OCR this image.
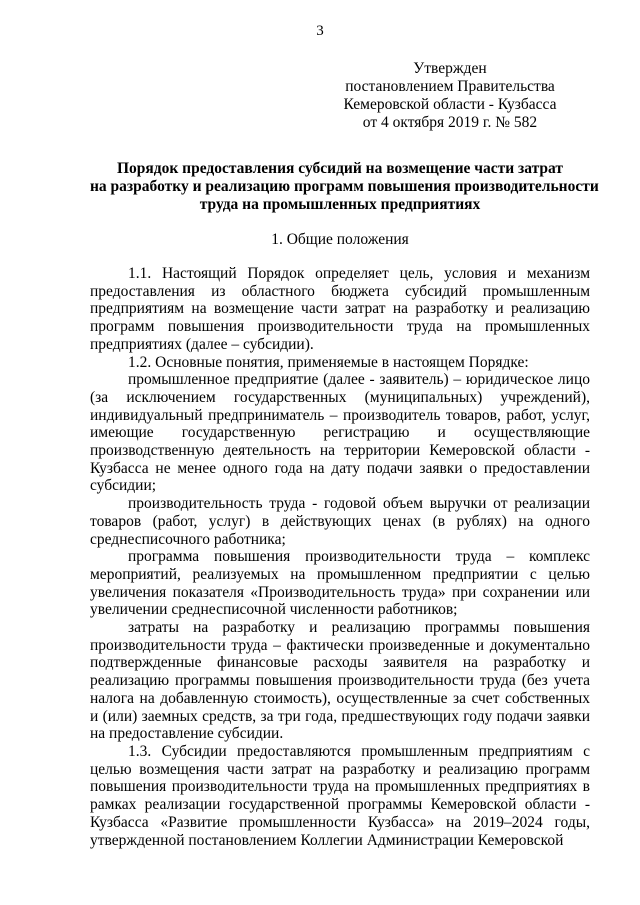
3
Утвержден
постановлением Правительства
Кемеровской области - Кузбасса
от 4 октября 2019 г. № 582
Порядок предоставления субсидий на возмещение части затрат
на разработку и реализацию программ повышения производительности
труда на промышленных предприятиях
1. Общие положения

1.1. Настоящий Порядок определяет цель, условия и механизм предоставления из областного бюджета субсидий промышленным предприятиям на возмещение части затрат на разработку и реализацию программ повышения производительности труда на промышленных предприятиях (далее – субсидии).

1.2. Основные понятия, применяемые в настоящем Порядке:

промышленное предприятие (далее - заявитель) – юридическое лицо (за исключением государственных (муниципальных) учреждений), индивидуальный предприниматель – производитель товаров, работ, услуг, имеющие государственную регистрацию и осуществляющие производственную деятельность на территории Кемеровской области - Кузбасса не менее одного года на дату подачи заявки о предоставлении субсидии;

производительность труда - годовой объем выручки от реализации товаров (работ, услуг) в действующих ценах (в рублях) на одного среднесписочного работника;

программа повышения производительности труда – комплекс мероприятий, реализуемых на промышленном предприятии с целью увеличения показателя «Производительность труда» при сохранении или увеличении среднесписочной численности работников;

затраты на разработку и реализацию программы повышения производительности труда – фактически произведенные и документально подтвержденные финансовые расходы заявителя на разработку и реализацию программы повышения производительности труда (без учета налога на добавленную стоимость), осуществленные за счет собственных и (или) заемных средств, за три года, предшествующих году подачи заявки на предоставление субсидии.

1.3. Субсидии предоставляются промышленным предприятиям с целью возмещения части затрат на разработку и реализацию программ повышения производительности труда на промышленных предприятиях в рамках реализации государственной программы Кемеровской области - Кузбасса «Развитие промышленности Кузбасса» на 2019–2024 годы, утвержденной постановлением Коллегии Администрации Кемеровской
